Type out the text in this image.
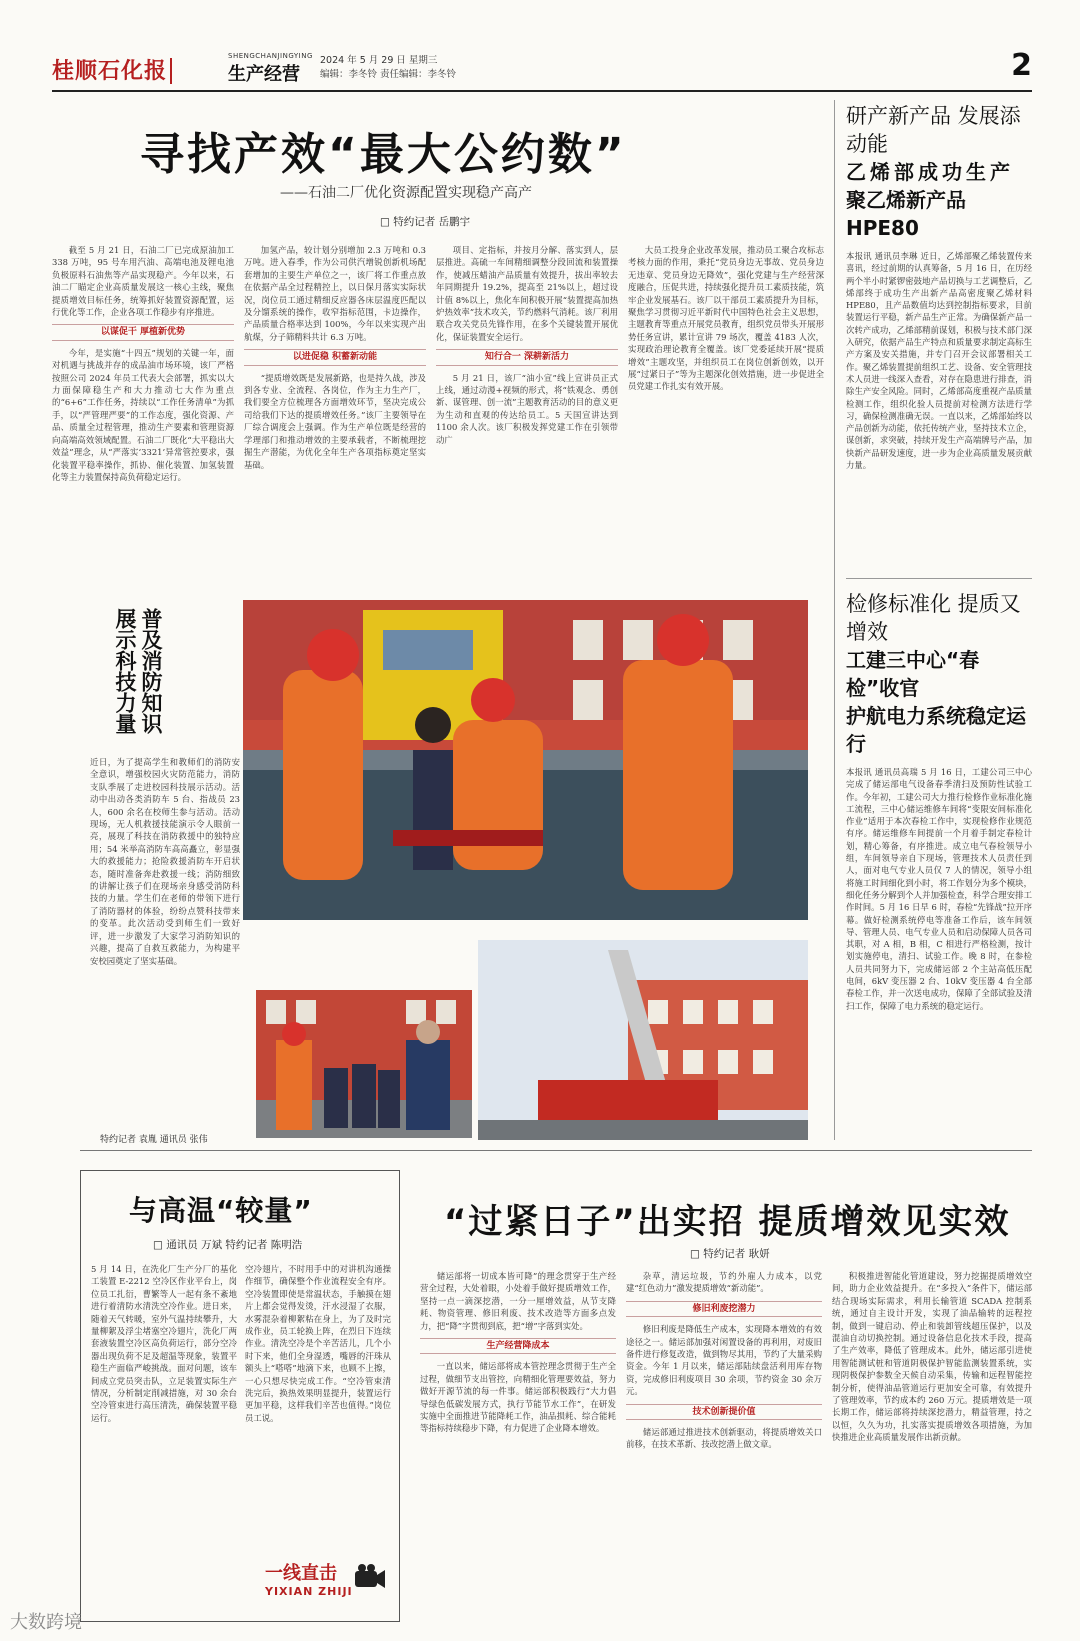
桂顺石化报
SHENGCHANJINGYING
生产经营
2024 年 5 月 29 日 星期三
编辑：李冬铃 责任编辑：李冬铃	2
寻找产效“最大公约数”
——石油二厂优化资源配置实现稳产高产
□ 特约记者 岳鹏宇

截至 5 月 21 日，石油二厂已完成原油加工 338 万吨，95 号车用汽油、高端电池及锂电池负极原料石油焦等产品实现稳产。今年以来，石油二厂瞄定企业高质量发展这一核心主线，聚焦提质增效目标任务，统筹抓好装置资源配置，运行优化等工作，企业各项工作稳步有序推进。

以谋促干 厚植新优势

今年，是实施“十四五”规划的关键一年，面对机遇与挑战并存的成品油市场环境，该厂严格按照公司 2024 年员工代表大会部署，抓实以大力面保障稳生产和大力推动七大作为重点的“6+6”工作任务，持续以“工作任务清单”为抓手，以“严管理严要”的工作态度，强化资源、产品、质量全过程管理，推动生产要素和管理资源向高端高效领域配置。石油二厂既化“大平稳出大效益”理念，从“严落实‘3321’异常管控要求，强化装置平稳率操作，抓协、催化装置、加氢装置化等主力装置保持高负荷稳定运行。

加氢产品，较计划分别增加 2.3 万吨和 0.3 万吨。进入春季，作为公司供汽增锐创新机场配套增加的主要生产单位之一，该厂将工作重点放在依据产品全过程精控上，以日保月落实实际状况，岗位员工通过精细反应器各床层温度匹配以及分馏系统的操作，收窄指标范围，卡边操作，产品质量合格率达到 100%，今年以来实现产出航煤，分子筛精料共计 6.3 万吨。

以进促稳 积蓄新动能

“提质增效既是发展新路，也是持久战，涉及到各专业、全流程、各岗位，作为主力生产厂，我们要全方位梳理各方面增效环节，坚决完成公司给我们下达的提质增效任务。”该厂主要领导在厂综合调度会上强调。作为生产单位既是经营的学理部门和推动增效的主要承载者，不断梳理挖掘生产潜能，为优化全年生产各项指标奠定坚实基础。

项目、定指标，并按月分解、落实到人，层层推进。高硫一车间精细调整分段回流和装置操作，使减压蜡油产品质量有效提升，拔出率较去年同期提升 19.2%，提高至 21%以上，超过设计值 8%以上，焦化车间积极开展“装置提高加热炉热效率”技术攻关，节约燃料气消耗。该厂利用联合攻关党员先锋作用，在多个关键装置开展优化，保证装置安全运行。

知行合一 深耕新活力

5 月 21 日，该厂“油小宣”线上宣讲员正式上线，通过动漫+视频的形式，将“铁观念、勇创新、谋管理、创一流”主题教育活动的目的意义更为生动和直观的传达给员工。5 天国宣讲达到 1100 余人次。该厂积极发挥党建工作在引领带动广

大员工投身企业改革发展，推动员工聚合攻标志考核力面的作用，秉托“党员身边无事故、党员身边无违章、党员身边无降效”，强化党建与生产经营深度融合，压促共进，持续强化提升员工素质技能，筑牢企业发展基石。该厂以干部员工素质提升为目标，聚焦学习贯彻习近平新时代中国特色社会主义思想，主题教育等重点开展党员教育，组织党员带头开展形势任务宣讲，累计宣讲 79 场次，覆盖 4183 人次，实现政治理论教育全覆盖。该厂党委延续开展“提质增效”主题攻坚，并组织员工在岗位创新创效，以开展“过紧日子”等为主题深化创效措施，进一步促进全员党建工作扎实有效开展。

研产新产品 发展添动能
乙烯部成功生产
聚乙烯新产品 HPE80
本报讯 通讯员李琳 近日，乙烯部聚乙烯装置传来喜讯，经过前期的认真筹备，5 月 16 日，在历经两个半小时紧锣密鼓地产品切换与工艺调整后，乙烯部终于成功生产出新产品高密度聚乙烯材料 HPE80，且产品数值均达到控制指标要求，目前装置运行平稳，新产品生产正常。为确保新产品一次转产成功，乙烯部精前谋划，积极与技术部门深入研究，依据产品生产特点和质量要求制定高标生产方案及安关措施，并专门召开会议部署相关工作。聚乙烯装置提前组织工艺、设备、安全管理技术人员进一线深入查看，对存在隐患进行排查，消除生产安全风险。同时，乙烯部高度重视产品质量检测工作，组织化验人员提前对检测方法进行学习，确保检测准确无误。一直以来，乙烯部始终以产品创新为动能，依托传统产业，坚持技术立企，谋创新，求突破，持续开发生产高端牌号产品，加快新产品研发速度，进一步为企业高质量发展贡献力量。
检修标准化 提质又增效
工建三中心“春检”收官
护航电力系统稳定运行
本报讯 通讯员高瑞 5 月 16 日，工建公司三中心完成了储运部电气设备春季清扫及预防性试验工作。今年初，工建公司大力推行检修作业标准化施工流程，三中心储运维修车间将“变限安间标准化作业”适用于本次春检工作中，实现检修作业规范有序。储运维修车间提前一个月着手制定春检计划，精心筹备，有序推进。成立电气春检领导小组，车间领导亲自下现场，管理技术人员责任到人，面对电气专业人员仅 7 人的情况，领导小组将施工时间细化到小时，将工作划分为多个模块，细化任务分解到个人并加强检查，科学合理安排工作时间。5 月 16 日早 6 时，春检“先锋战”拉开序幕。做好检测系统停电等准备工作后，该车间领导、管理人员、电气专业人员和启动保障人员各司其职，对 A 相，B 相，C 相进行严格检测，按计划实施停电，清扫、试验工作。晚 8 时，在参检人员共同努力下，完成储运部 2 个主站高低压配电间，6kV 变压器 2 台、10kV 变压器 4 台全部春检工作，并一次送电成功，保障了全部试验及清扫工作，保障了电力系统的稳定运行。
普及消防知识
展示科技力量
近日，为了提高学生和教师们的消防安全意识，增强校园火灾防范能力，消防支队季展了走进校园科技展示活动。活动中出动各类消防车 5 台、指战员 23 人，600 余名在校师生参与活动。活动现场，无人机救援技能演示令人眼前一亮，展现了科技在消防救援中的独特应用；54 米举高消防车高高矗立，彰显强大的救援能力；抢险救援消防车开启状态，随时准备奔赴救援一线；消防细致的讲解让孩子们在现场亲身感受消防科技的力量。学生们在老师的带领下进行了消防器材的体验，纷纷点赞科技带来的变革。此次活动受到师生们一致好评，进一步激发了大家学习消防知识的兴趣，提高了自救互救能力，为构建平安校园奠定了坚实基础。
特约记者 袁胤 通讯员 张伟
与高温“较量”
□ 通讯员 万斌 特约记者 陈明浩
5 月 14 日，在洗化厂生产分厂的基化工装置 E-2212 空冷区作业平台上，岗位员工扎衍，曹繁等人一起有条不紊地进行着清防水清洗空冷作业。进日来，随着天气转暖，室外气温持续攀升，大量柳絮及浮尘堵塞空冷翅片，洗化厂两套液装置空冷区高负荷运行，部分空冷器出现负荷不足及超温等现象，装置平稳生产面临严峻挑战。面对问题，该车间成立党员突击队，立足装置实际生产情况，分析制定削减措施，对 30 余台空冷管束进行高压清洗，确保装置平稳运行。
空冷翅片，不时用手中的对讲机沟通操作细节，确保整个作业流程安全有序。空冷装置即使是常温状态，手触摸在翅片上都会觉得发烫，汗水浸湿了衣服，水雾混杂着柳絮粘在身上，为了及时完成作业，员工轮换上阵，在烈日下连续作业。清洗空冷是个辛苦活儿，几个小时下来，他们全身湿透，嘴唇的汗珠从额头上“嗒嗒”地滴下来，也顾不上擦，一心只想尽快完成工作。“空冷管束清洗完后，换热效果明显提升，装置运行更加平稳，这样我们辛苦也值得。”岗位员工说。
一线直击
YIXIAN ZHIJI
“过紧日子”出实招 提质增效见实效
□ 特约记者 耿妍

储运部将一切成本皆可降”的理念贯穿于生产经营全过程，大处着眼，小处着手做好提质增效工作，坚持一点一滴深挖潜，一分一厘增效益，从节支降耗、物资管理、修旧利废、技术改造等方面多点发力，把“降”字贯彻到底，把“增”字落到实处。

生产经营降成本

一直以来，储运部将成本管控理念贯彻于生产全过程，做细节支出管控，向精细化管理要效益，努力做好开源节流的每一件事。储运部积极践行“大力倡导绿色低碳发展方式，执行节能节水工作”，在研发实施中全面推进节能降耗工作，油品损耗、综合能耗等指标持续稳步下降，有力促进了企业降本增效。

杂草，清运垃圾，节约外雇人力成本，以党建“红色动力”激发提质增效“新动能”。

修旧利废挖潜力

修旧利废是降低生产成本，实现降本增效的有效途径之一。储运部加强对闲置设备的再利用，对废旧备件进行修复改造，做到物尽其用，节约了大量采购资金。今年 1 月以来，储运部陆续盘活利用库存物资，完成修旧利废项目 30 余项，节约资金 30 余万元。

技术创新提价值

储运部通过推进技术创新驱动，将提质增效关口前移，在技术革新、技改挖潜上做文章。

积极推进智能化管道建设，努力挖掘提质增效空间，助力企业效益提升。在“多投入”条件下，储运部结合现场实际需求，利用长输管道 SCADA 控制系统，通过自主设计开发，实现了油品输转的远程控制，做到一键启动、停止和装卸管线超压保护，以及混油自动切换控制。通过设备信息化技术手段，提高了生产效率，降低了管理成本。此外，储运部引进使用智能测试桩和管道阴极保护智能监测装置系统，实现阴极保护参数全天候自动采集，传输和远程智能控制分析，使得油品管道运行更加安全可靠，有效提升了管理效率，节约成本约 260 万元。提质增效是一项长期工作，储运部将持续深挖潜力，精益管理，持之以恒，久久为功，扎实落实提质增效各项措施，为加快推进企业高质量发展作出新贡献。

大数跨境
